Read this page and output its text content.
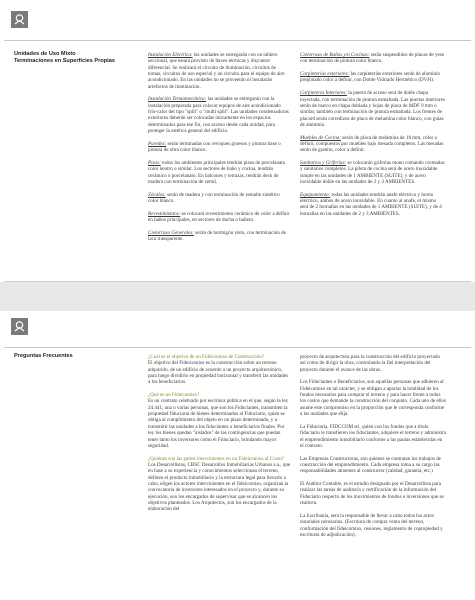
Unidades de Uso Mixto
Terminaciones en Superficies Propias

Instalación Eléctrica: las unidades se entregarán con un tablero seccional, que estará provisto de llaves térmicas y disyuntor diferencial. Se realizará el circuito de iluminación, circuitos de tomas, circuitos de uso especial y un circuito para el equipo de aire acondicionado. En las unidades no se proveerán ni instalarán artefactos de iluminación.

Instalación Termomecánica: las unidades se entregarán con la instalación preparada para colocar equipos de aire acondicionado frío-calor del tipo "split" o "multi split". Las unidades condensadoras exteriores deberán ser colocadas únicamente en los espacios determinados para ese fin, con acceso desde cada unidad, para proteger la estética general del edificio.

Paredes: serán terminadas con revoques gruesos y pintura base o pintura de obra color blanco.

Pisos: todos los ambientes principales tendrán pisos de porcelanato color neutro o similar. Los sectores de baño y cocina, tendrán cerámico o porcelanato. En balcones y terrazas, tendrán deck de madera con terminación de cemil.

Zócalos: serán de madera y con terminación de esmalte sintético color blanco.

Revestimientos: se colocará revestimiento cerámico de color a definir en baños principales, en sectores de ducha o bañera.

Cielorraso Generales: serán de hormigón visto, con terminación de laca transparente.

Cielorraso de Baños y/o Cocinas: serán suspendidos de placas de yeso con terminación de pintura color blanco.

Carpinterías exteriores: las carpinterías exteriores serán de aluminio prepintado color a definir, con Doble Vidriado Hermético (DVH).

Carpintería Interiores: la puerta de acceso será de doble chapa inyectada, con terminación de pintura esmaltada. Las puertas interiores serán de marco en chapa doblada y hojas de placa de MDF 9 mm o similar, también con terminación de pintura esmaltada. Los frentes de placard serán corredizos de placa de melamina color blanco, con guías de aluminio.

Muebles de Cocina: serán de placa de melamina de 18 mm, color a definir, compuestos por muebles bajo mesada completos. Las mesadas serán de granito, color a definir.

Sanitarios y Griferías: se colocarán griferías mono comando cromadas y sanitarios completos. La pileta de cocina será de acero inoxidable simple en las unidades de 1 AMBIENTE (SUITE), y de acero inoxidable doble en las unidades de 2 y 3 AMBIENTES.

Equipamiento: todas las unidades tendrán anafe eléctrico y horno eléctrico, ambos de acero inoxidable. En cuanto al anafe, el mismo será de 2 hornallas en las unidades de 1 AMBIENTE (SUITE), y de 4 hornallas en las unidades de 2 y 3 AMBIENTES.

Preguntas Frecuentes	¿Cuál es el objetivo de un Fideicomiso de Construcción?

El objetivo del Fideicomiso es la construcción sobre un terreno adquirido, de un edificio de acuerdo a un proyecto arquitectónico, para luego dividirlo en propiedad horizontal y transferir las unidades a los beneficiarios.

¿Qué es un Fideicomiso?

Es un contrato celebrado por escritura pública en el que, según la ley 24.441, una o varias personas, que son los Fiduciantes, transmiten la propiedad fiduciaria de bienes determinados al Fiduciario, quien se obliga al cumplimiento del objeto en un plazo determinado, y a transmitir las unidades a los fiduciantes o beneficiarios finales. Por ley los bienes quedan "aislados" de las contingencias que puedan tener tanto los inversores como el Fiduciario, brindando mayor seguridad.

¿Quiénes son las partes intervinientes en un Fideicomiso al Costo?

Los Desarrollistas, CBSC Desarrollos Inmobiliarias Urbanos s.a., que en base a su experiencia y conocimientos seleccionan el terreno, definen el producto inmobiliario y la estructura legal para llevarlo a cabo, eligen los actores intervinientes en el fideicomiso, organizan la convocatoria de inversores interesados en el proyecto y, durante su ejecución, son los encargados de supervisar que se alcancen los objetivos planteados. Los Arquitectos, son los encargados de la elaboración del

proyecto de arquitectura para la construcción del edificio proyectado así como de dirigir la obra, controlando la fiel interpretación del proyecto durante el avance de las obras.

Los Fiduciantes o Beneficiarios, son aquellas personas que adhieren al Fideicomiso en tal carácter, y se obligan a aportar la totalidad de los fondos necesarios para comprar el terreno y para hacer frente a todos los costos que demande la construcción del conjunto. Cada uno de ellos asume este compromiso en la proporción que le corresponda conforme a las unidades que elija.

La Fiduciaria, FIDCCOM srl, quien con los fondos que a título fiduciario le transfieren los fiduciantes, adquiere el terreno y administra el emprendimiento inmobiliario conforme a las pautas establecidas en el contrato.

Las Empresas Constructoras, son quienes se contratan los trabajos de construcción del emprendimiento. Cada empresa toma a su cargo las responsabilidades atinentes al constructor (calidad, garantía, etc.)

El Auditor Contable, es el estudio designado por el Desarrollista para realizar las tareas de auditoría y certificación de la información del Fiduciario respecto de los movimientos de fondos e inversiones que se realicen.

La Escribanía, será la responsable de llevar a cabo todos los actos notariales necesarios. (Escritura de compra venta del terreno, conformación del fideicomiso, cesiones, reglamento de copropiedad y escrituras de adjudicación).
